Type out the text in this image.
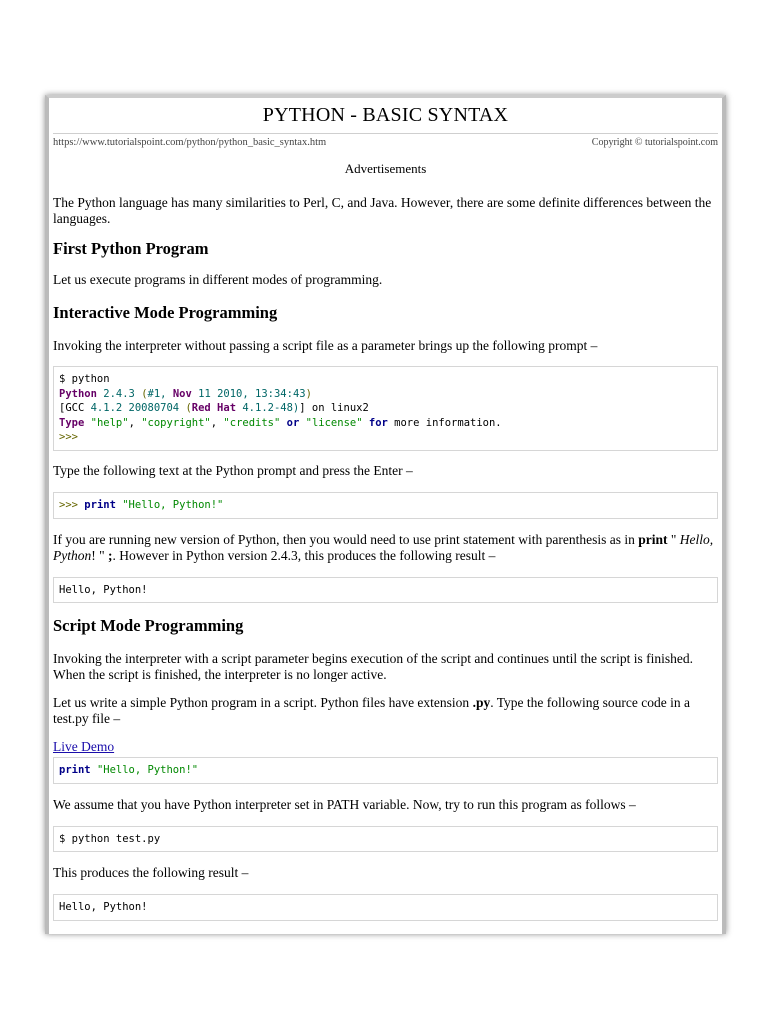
PYTHON - BASIC SYNTAX
https://www.tutorialspoint.com/python/python_basic_syntax.htm	Copyright © tutorialspoint.com
Advertisements

The Python language has many similarities to Perl, C, and Java. However, there are some definite differences between the languages.

First Python Program

Let us execute programs in different modes of programming.

Interactive Mode Programming

Invoking the interpreter without passing a script file as a parameter brings up the following prompt –

$ python
Python 2.4.3 (#1, Nov 11 2010, 13:34:43)
[GCC 4.1.2 20080704 (Red Hat 4.1.2-48)] on linux2
Type "help", "copyright", "credits" or "license" for more information.
>>>

Type the following text at the Python prompt and press the Enter –

>>> print "Hello, Python!"

If you are running new version of Python, then you would need to use print statement with parenthesis as in print " Hello, Python! " ;. However in Python version 2.4.3, this produces the following result –

Hello, Python!
Script Mode Programming

Invoking the interpreter with a script parameter begins execution of the script and continues until the script is finished. When the script is finished, the interpreter is no longer active.

Let us write a simple Python program in a script. Python files have extension .py. Type the following source code in a test.py file –

Live Demo
print "Hello, Python!"

We assume that you have Python interpreter set in PATH variable. Now, try to run this program as follows –

$ python test.py

This produces the following result –

Hello, Python!
